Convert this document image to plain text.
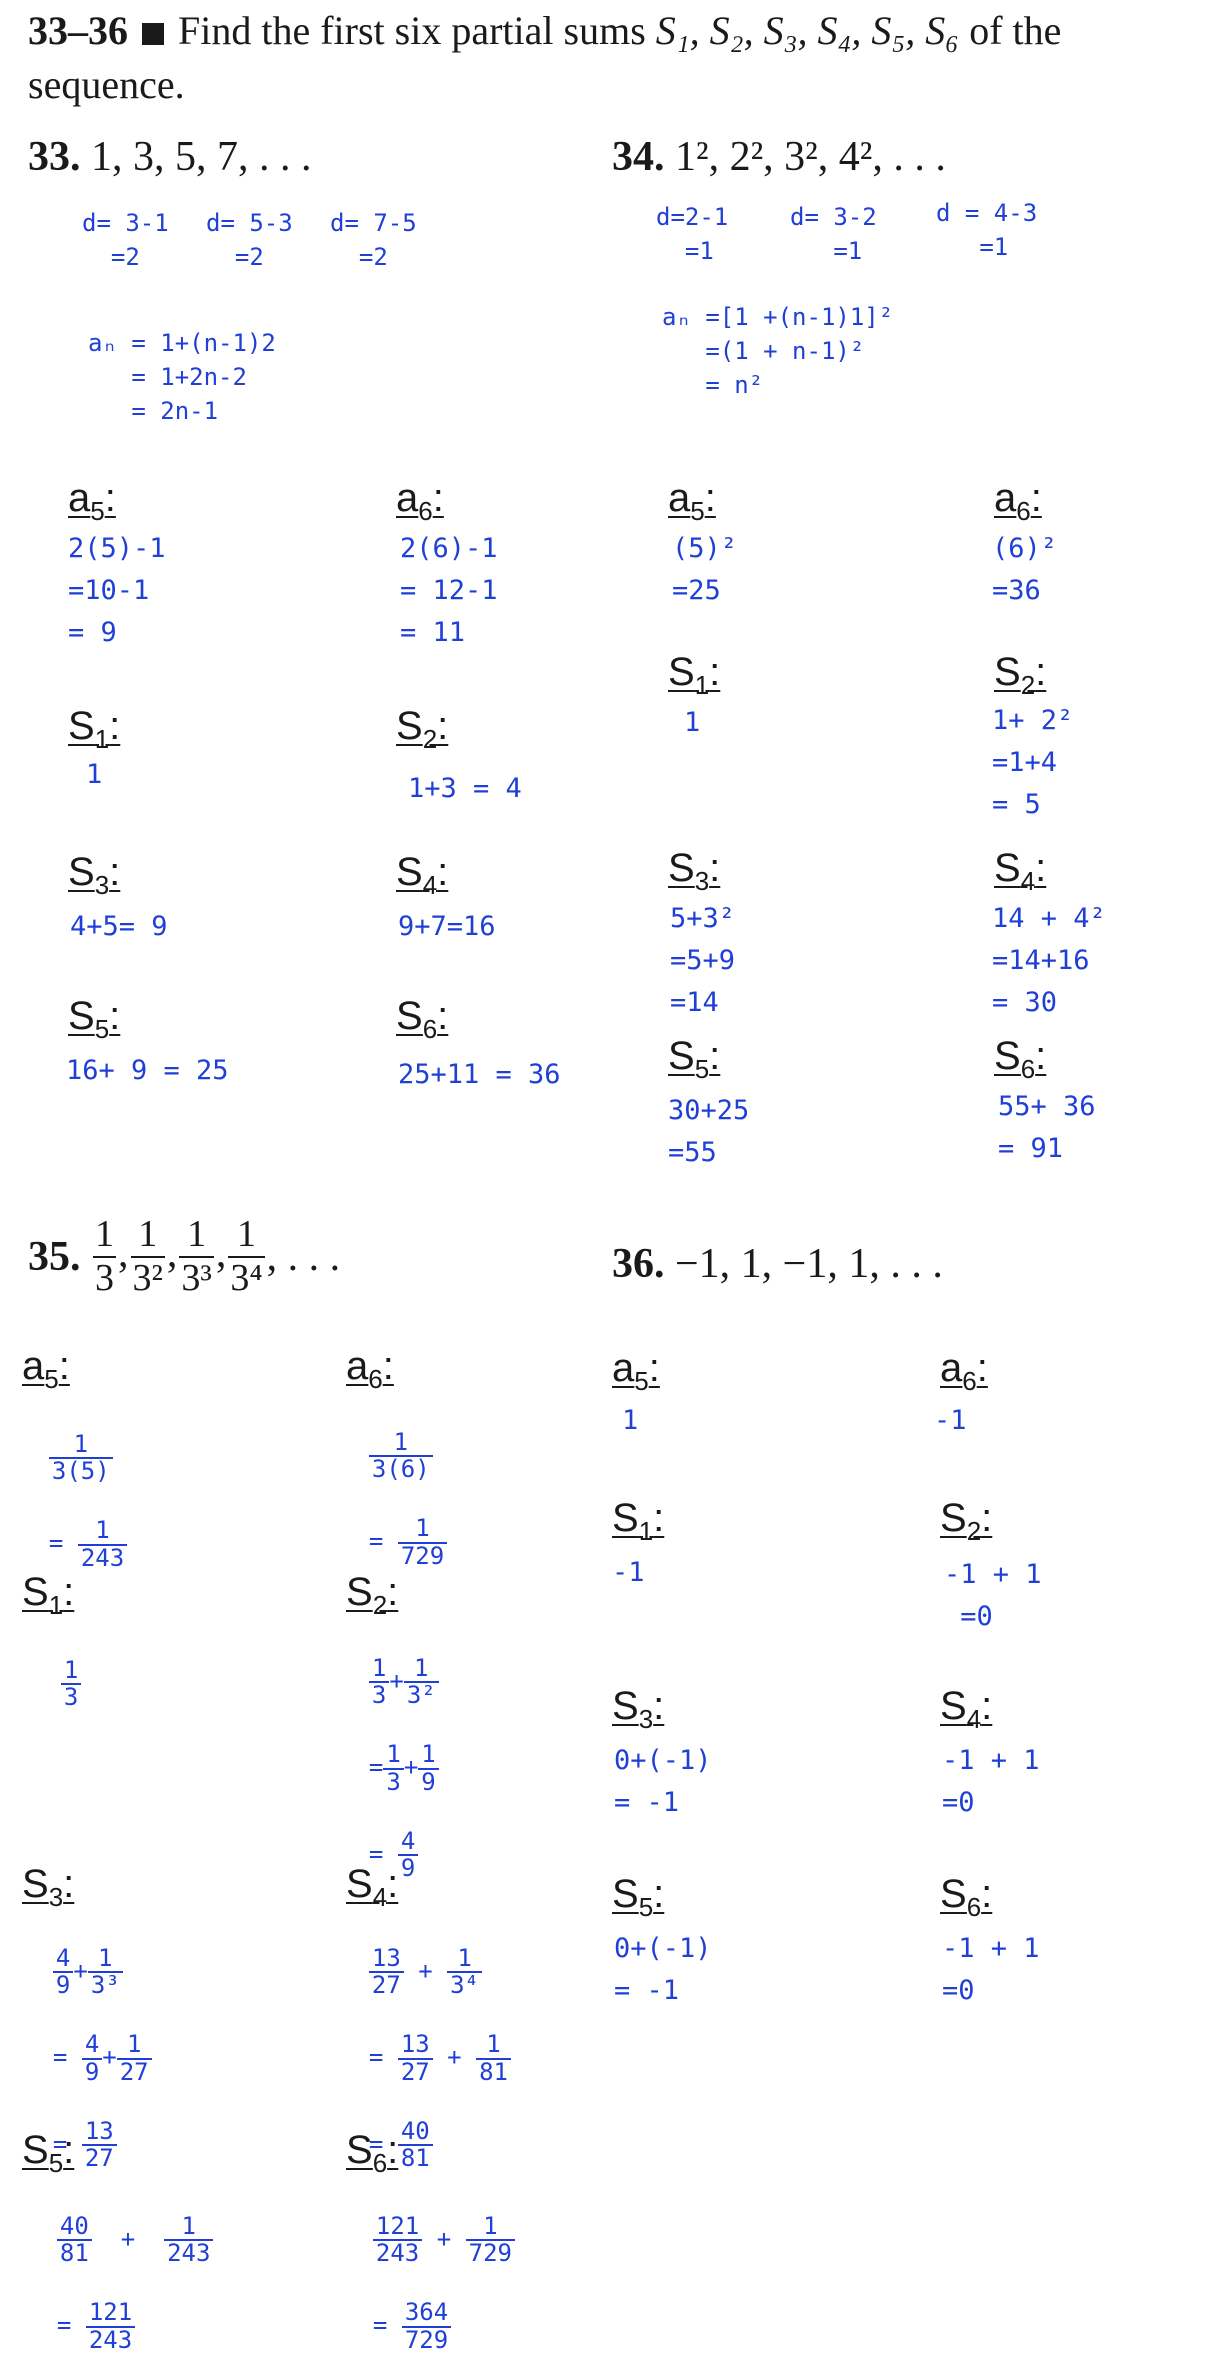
33–36 Find the first six partial sums S₁, S₂, S₃, S₄, S₅, S₆ of the
sequence.
33. 1, 3, 5, 7, . . .
d= 3-1
=2
d= 5-3
=2
d= 7-5
=2
aₙ = 1+(n-1)2
= 1+2n-2
= 2n-1
$a_5$:
2(5)-1
=10-1
= 9
$a_6$:
2(6)-1
= 12-1
= 11
$S_1$:
1
$S_2$:
1+3 = 4
$S_3$:
4+5= 9
$S_4$:
9+7=16
$S_5$:
16+ 9 = 25
$S_6$:
25+11 = 36
34. 1², 2², 3², 4², . . .
d=2-1
=1
d= 3-2
=1
d = 4-3
=1
aₙ =[1 +(n-1)1]²
=(1 + n-1)²
= n²
$a_5$:
(5)²
=25
$a_6$:
(6)²
=36
$S_1$:
1
$S_2$:
1+ 2²
=1+4
= 5
$S_3$:
5+3²
=5+9
=14
$S_4$:
14 + 4²
=14+16
= 30
$S_5$:
30+25
=55
$S_6$:
55+ 36
= 91
35. $\frac{1}{3}$ , $\frac{1}{\text{3²}}$ , $\frac{1}{\text{3³}}$ , $\frac{1}{\text{3⁴}}$ , . . .
$a_5$:

$\frac{1}{3(5)}$

= $\frac{1}{243}$

$a_6$:

$\frac{1}{3(6)}$

= $\frac{1}{729}$

$S_1$:

$\frac{1}{3}$

$S_2$:

$\frac{1}{3} + \frac{1}{\text{3²}}$

= $\frac{1}{3} + \frac{1}{9}$

= $\frac{4}{9}$

$S_3$:

$\frac{4}{9} + \frac{1}{\text{3³}}$

= $\frac{4}{9} + \frac{1}{27}$

= $\frac{13}{27}$

$S_4$:

$\frac{13}{27} + \frac{1}{\text{3⁴}}$

= $\frac{13}{27} + \frac{1}{81}$

= $\frac{40}{81}$

$S_5$:

$\frac{40}{81} + \frac{1}{243}$

= $\frac{121}{243}$

$S_6$:

$\frac{121}{243} + \frac{1}{729}$

= $\frac{364}{729}$

36. −1, 1, −1, 1, . . .
$a_5$:
1
$a_6$:
-1
$S_1$:
-1
$S_2$:
-1 + 1
=0
$S_3$:
0+(-1)
= -1
$S_4$:
-1 + 1
=0
$S_5$:
0+(-1)
= -1
$S_6$:
-1 + 1
=0
